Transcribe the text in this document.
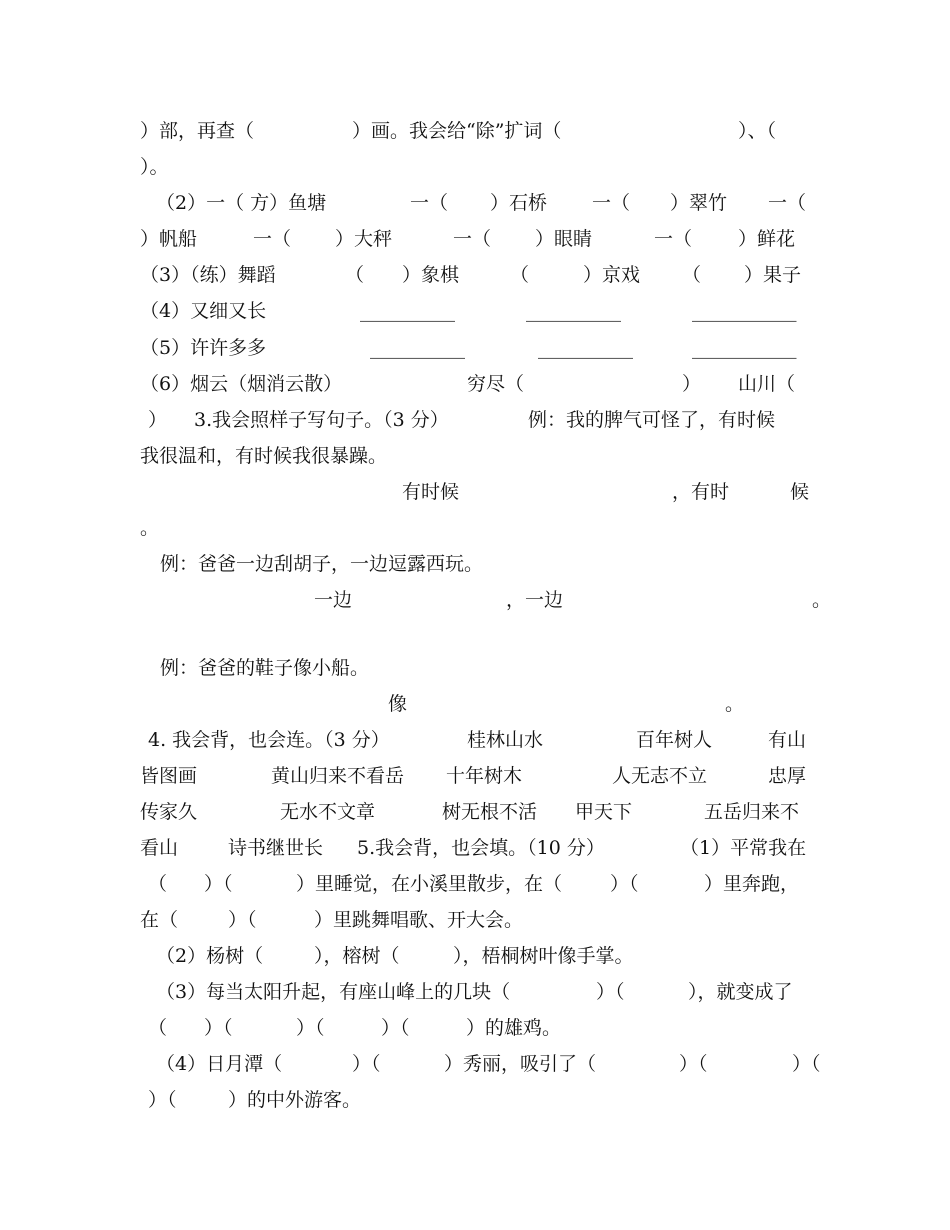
）部，再查（	）画。我会给“除”扩词（	）、（
）。
（2）一（ 方）鱼塘	一（ ）石桥 一（ ）翠竹 一（
）帆船	一（ ）大秤	一（ ）眼睛	一（ ）鲜花
（3）（练）舞蹈	（ ）象棋	（	）京戏 （ ）果子
（4）又细又长	__________	__________	___________
（5）许许多多	__________	__________	___________
（6）烟云（烟消云散）	穷尽（	） 山川（
） 3.我会照样子写句子。（3 分）	例：我的脾气可怪了，有时候
我很温和，有时候我很暴躁。
有时候	，有时	候
。
例：爸爸一边刮胡子，一边逗露西玩。
一边	，一边	。
例：爸爸的鞋子像小船。
像	。
4. 我会背，也会连。（3 分）	桂林山水	百年树人	有山
皆图画	黄山归来不看岳 十年树木	人无志不立	忠厚
传家久	无水不文章	树无根不活 甲天下	五岳归来不
看山	诗书继世长 5.我会背，也会填。（10 分）	（1）平常我在
（ ）（	）里睡觉，在小溪里散步，在（	）（	）里奔跑，
在（	）（	）里跳舞唱歌、开大会。
（2）杨树（	），榕树（	），梧桐树叶像手掌。
（3）每当太阳升起，有座山峰上的几块（	）（	），就变成了
（ ）（	）（	）（	）的雄鸡。
（4）日月潭（	）（	）秀丽，吸引了（	）（	）（
）（	）的中外游客。
